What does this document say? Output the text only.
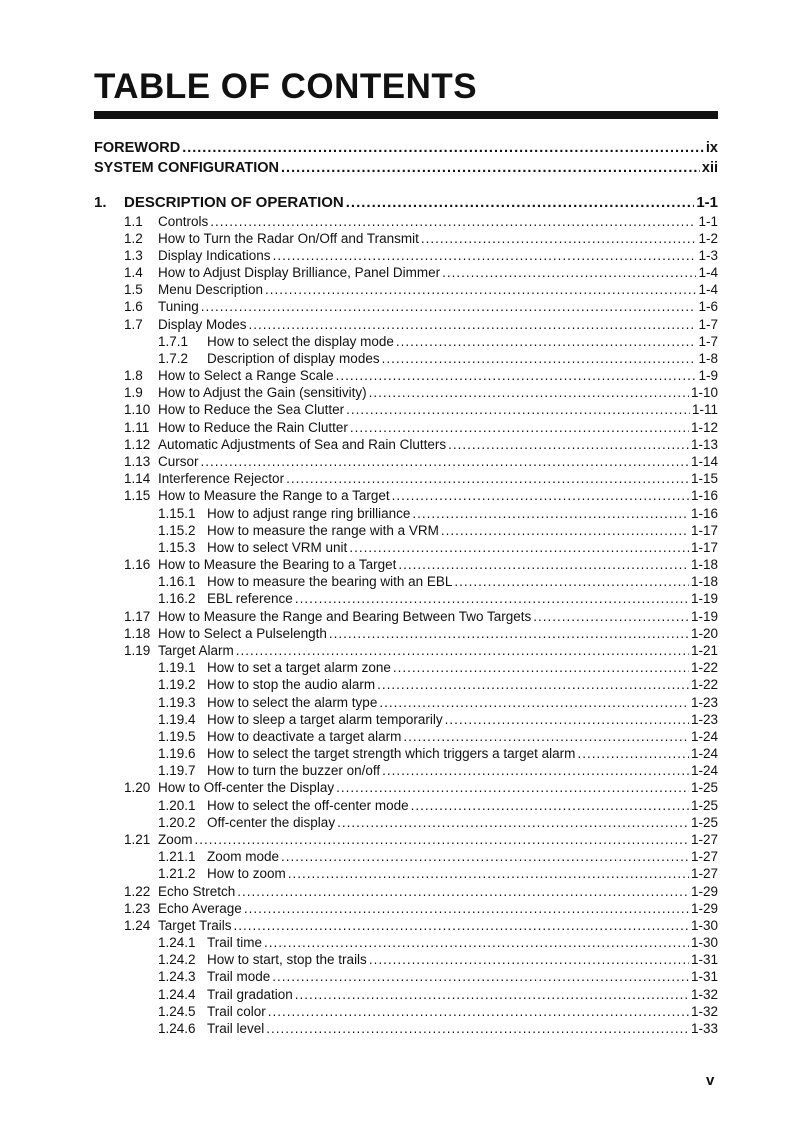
TABLE OF CONTENTS
FOREWORD .....	ix
SYSTEM CONFIGURATION .....	xii
1.	DESCRIPTION OF OPERATION .....	1-1
1.1	Controls .....	1-1
1.2	How to Turn the Radar On/Off and Transmit .....	1-2
1.3	Display Indications .....	1-3
1.4	How to Adjust Display Brilliance, Panel Dimmer .....	1-4
1.5	Menu Description .....	1-4
1.6	Tuning .....	1-6
1.7	Display Modes .....	1-7
1.7.1	How to select the display mode .....	1-7
1.7.2	Description of display modes .....	1-8
1.8	How to Select a Range Scale .....	1-9
1.9	How to Adjust the Gain (sensitivity) .....	1-10
1.10 How to Reduce the Sea Clutter .....	1-11
1.11 How to Reduce the Rain Clutter .....	1-12
1.12 Automatic Adjustments of Sea and Rain Clutters .....	1-13
1.13 Cursor .....	1-14
1.14 Interference Rejector .....	1-15
1.15 How to Measure the Range to a Target .....	1-16
1.15.1 How to adjust range ring brilliance .....	1-16
1.15.2 How to measure the range with a VRM .....	1-17
1.15.3 How to select VRM unit .....	1-17
1.16 How to Measure the Bearing to a Target .....	1-18
1.16.1 How to measure the bearing with an EBL .....	1-18
1.16.2 EBL reference .....	1-19
1.17 How to Measure the Range and Bearing Between Two Targets .....	1-19
1.18 How to Select a Pulselength .....	1-20
1.19 Target Alarm .....	1-21
1.19.1 How to set a target alarm zone .....	1-22
1.19.2 How to stop the audio alarm .....	1-22
1.19.3 How to select the alarm type .....	1-23
1.19.4 How to sleep a target alarm temporarily .....	1-23
1.19.5 How to deactivate a target alarm .....	1-24
1.19.6 How to select the target strength which triggers a target alarm .....	1-24
1.19.7 How to turn the buzzer on/off .....	1-24
1.20 How to Off-center the Display .....	1-25
1.20.1 How to select the off-center mode .....	1-25
1.20.2 Off-center the display .....	1-25
1.21 Zoom .....	1-27
1.21.1 Zoom mode .....	1-27
1.21.2 How to zoom .....	1-27
1.22 Echo Stretch .....	1-29
1.23 Echo Average .....	1-29
1.24 Target Trails .....	1-30
1.24.1 Trail time .....	1-30
1.24.2 How to start, stop the trails .....	1-31
1.24.3 Trail mode .....	1-31
1.24.4 Trail gradation .....	1-32
1.24.5 Trail color .....	1-32
1.24.6 Trail level .....	1-33
v
